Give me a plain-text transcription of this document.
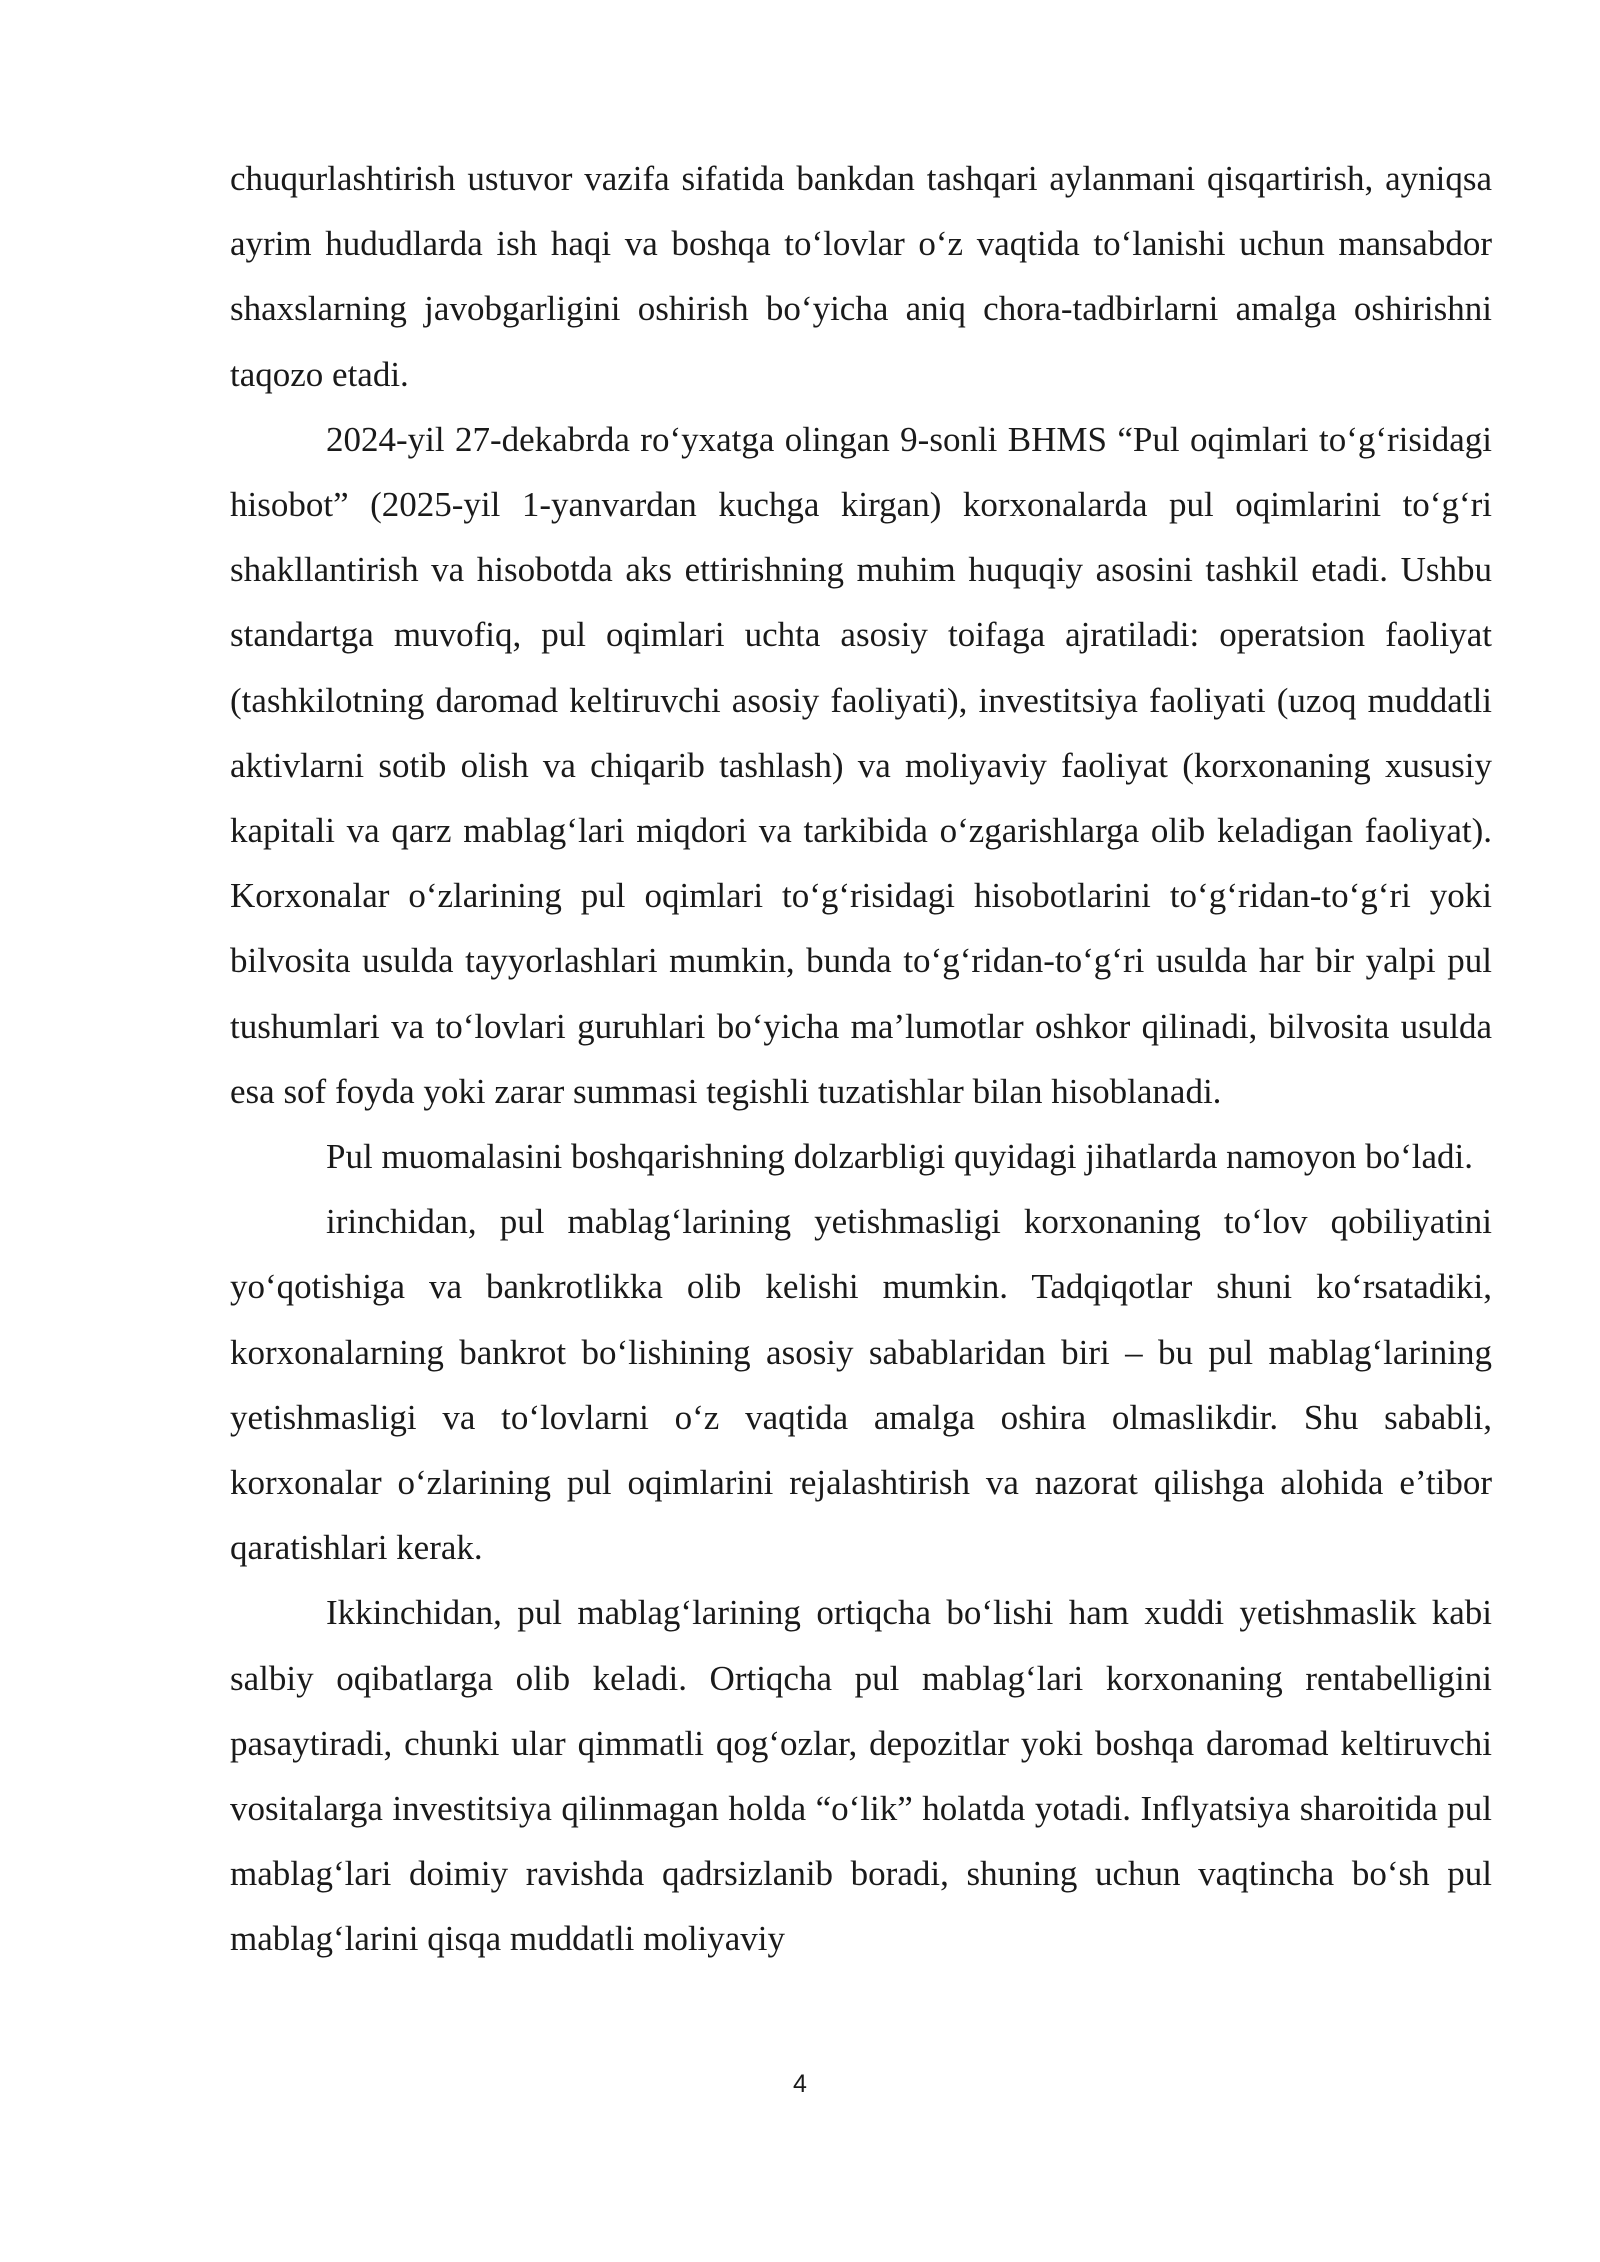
chuqurlashtirish ustuvor vazifa sifatida bankdan tashqari aylanmani qisqartirish, ayniqsa ayrim hududlarda ish haqi va boshqa to‘lovlar o‘z vaqtida to‘lanishi uchun mansabdor shaxslarning javobgarligini oshirish bo‘yicha aniq chora-tadbirlarni amalga oshirishni taqozo etadi.

2024-yil 27-dekabrda ro‘yxatga olingan 9-sonli BHMS “Pul oqimlari to‘g‘risidagi hisobot” (2025-yil 1-yanvardan kuchga kirgan) korxonalarda pul oqimlarini to‘g‘ri shakllantirish va hisobotda aks ettirishning muhim huquqiy asosini tashkil etadi. Ushbu standartga muvofiq, pul oqimlari uchta asosiy toifaga ajratiladi: operatsion faoliyat (tashkilotning daromad keltiruvchi asosiy faoliyati), investitsiya faoliyati (uzoq muddatli aktivlarni sotib olish va chiqarib tashlash) va moliyaviy faoliyat (korxonaning xususiy kapitali va qarz mablag‘lari miqdori va tarkibida o‘zgarishlarga olib keladigan faoliyat). Korxonalar o‘zlarining pul oqimlari to‘g‘risidagi hisobotlarini to‘g‘ridan-to‘g‘ri yoki bilvosita usulda tayyorlashlari mumkin, bunda to‘g‘ridan-to‘g‘ri usulda har bir yalpi pul tushumlari va to‘lovlari guruhlari bo‘yicha ma’lumotlar oshkor qilinadi, bilvosita usulda esa sof foyda yoki zarar summasi tegishli tuzatishlar bilan hisoblanadi.

Pul muomalasini boshqarishning dolzarbligi quyidagi jihatlarda namoyon bo‘ladi.

irinchidan, pul mablag‘larining yetishmasligi korxonaning to‘lov qobiliyatini yo‘qotishiga va bankrotlikka olib kelishi mumkin. Tadqiqotlar shuni ko‘rsatadiki, korxonalarning bankrot bo‘lishining asosiy sabablaridan biri – bu pul mablag‘larining yetishmasligi va to‘lovlarni o‘z vaqtida amalga oshira olmaslikdir. Shu sababli, korxonalar o‘zlarining pul oqimlarini rejalashtirish va nazorat qilishga alohida e’tibor qaratishlari kerak.

Ikkinchidan, pul mablag‘larining ortiqcha bo‘lishi ham xuddi yetishmaslik kabi salbiy oqibatlarga olib keladi. Ortiqcha pul mablag‘lari korxonaning rentabelligini pasaytiradi, chunki ular qimmatli qog‘ozlar, depozitlar yoki boshqa daromad keltiruvchi vositalarga investitsiya qilinmagan holda “o‘lik” holatda yotadi. Inflyatsiya sharoitida pul mablag‘lari doimiy ravishda qadrsizlanib boradi, shuning uchun vaqtincha bo‘sh pul mablag‘larini qisqa muddatli moliyaviy

4
